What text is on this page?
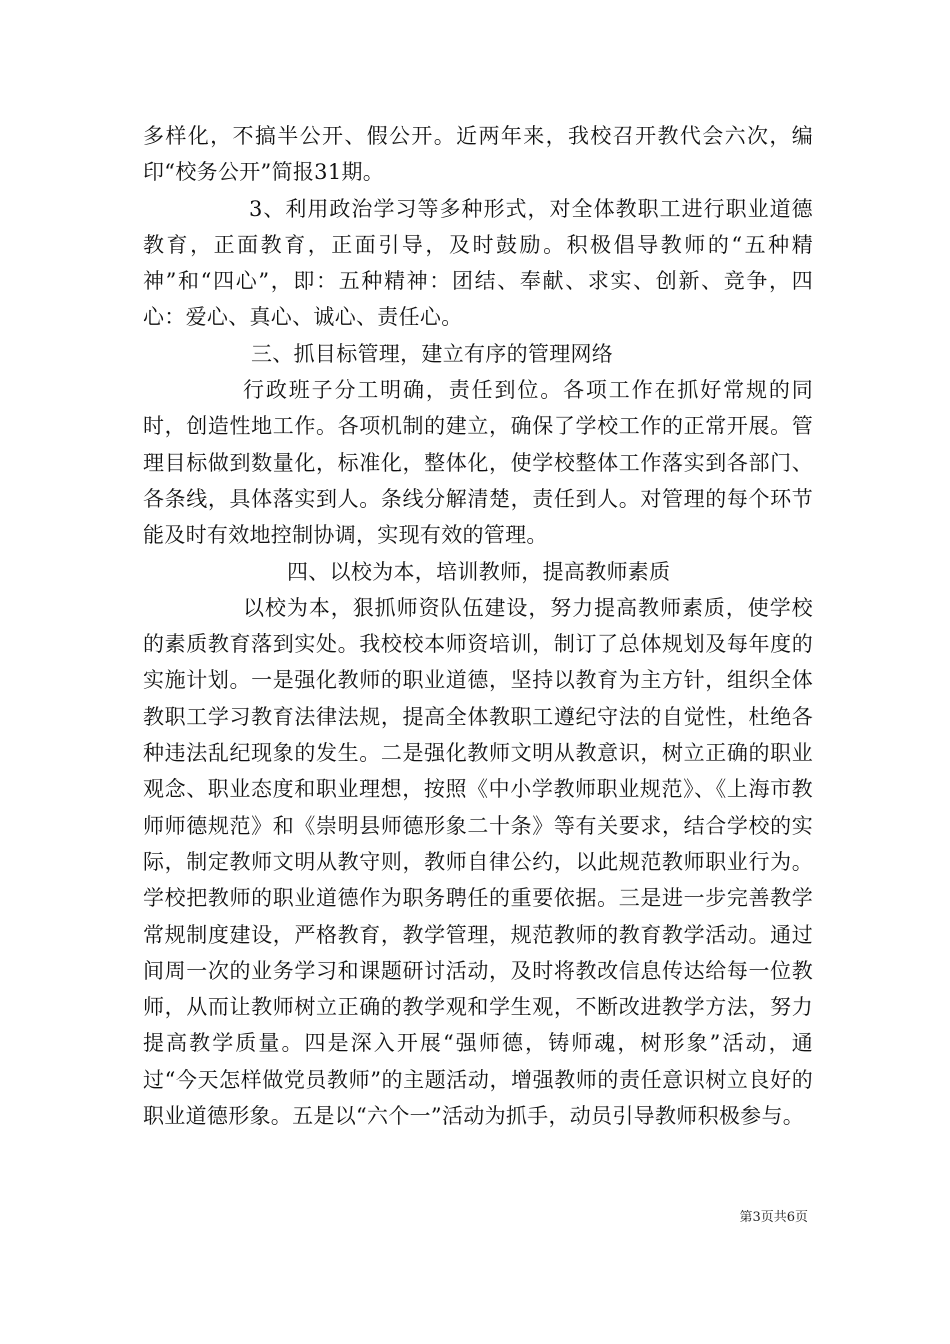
多样化，不搞半公开、假公开。近两年来，我校召开教代会六次，编印“校务公开”简报31期。

3、利用政治学习等多种形式，对全体教职工进行职业道德教育，正面教育，正面引导，及时鼓励。积极倡导教师的“五种精神”和“四心”，即：五种精神：团结、奉献、求实、创新、竞争，四心：爱心、真心、诚心、责任心。

三、抓目标管理，建立有序的管理网络

行政班子分工明确，责任到位。各项工作在抓好常规的同时，创造性地工作。各项机制的建立，确保了学校工作的正常开展。管理目标做到数量化，标准化，整体化，使学校整体工作落实到各部门、各条线，具体落实到人。条线分解清楚，责任到人。对管理的每个环节能及时有效地控制协调，实现有效的管理。

四、以校为本，培训教师，提高教师素质

以校为本，狠抓师资队伍建设，努力提高教师素质，使学校的素质教育落到实处。我校校本师资培训，制订了总体规划及每年度的实施计划。一是强化教师的职业道德，坚持以教育为主方针，组织全体教职工学习教育法律法规，提高全体教职工遵纪守法的自觉性，杜绝各种违法乱纪现象的发生。二是强化教师文明从教意识，树立正确的职业观念、职业态度和职业理想，按照《中小学教师职业规范》、《上海市教师师德规范》和《崇明县师德形象二十条》等有关要求，结合学校的实际，制定教师文明从教守则，教师自律公约，以此规范教师职业行为。学校把教师的职业道德作为职务聘任的重要依据。三是进一步完善教学常规制度建设，严格教育，教学管理，规范教师的教育教学活动。通过间周一次的业务学习和课题研讨活动，及时将教改信息传达给每一位教师，从而让教师树立正确的教学观和学生观，不断改进教学方法，努力提高教学质量。四是深入开展“强师德，铸师魂，树形象”活动，通过“今天怎样做党员教师”的主题活动，增强教师的责任意识树立良好的职业道德形象。五是以“六个一”活动为抓手，动员引导教师积极参与。

第3页共6页
